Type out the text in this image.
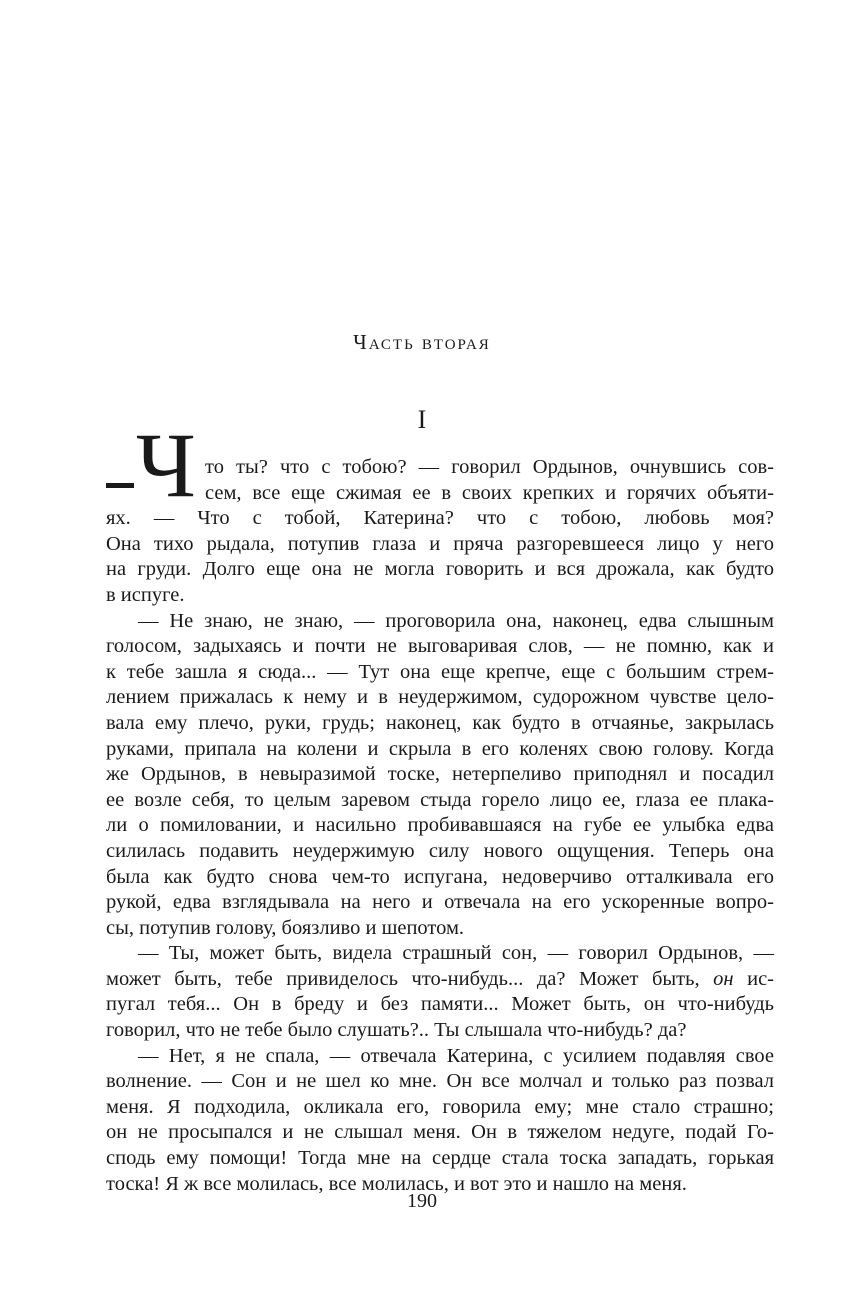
Часть вторая
I
Ч то ты? что с тобою? — говорил Ордынов, очнувшись сов-
сем, все еще сжимая ее в своих крепких и горячих объяти-
ях. — Что с тобой, Катерина? что с тобою, любовь моя?
Она тихо рыдала, потупив глаза и пряча разгоревшееся лицо у него
на груди. Долго еще она не могла говорить и вся дрожала, как будто
в испуге.
— Не знаю, не знаю, — проговорила она, наконец, едва слышным
голосом, задыхаясь и почти не выговаривая слов, — не помню, как и
к тебе зашла я сюда... — Тут она еще крепче, еще с большим стрем-
лением прижалась к нему и в неудержимом, судорожном чувстве цело-
вала ему плечо, руки, грудь; наконец, как будто в отчаянье, закрылась
руками, припала на колени и скрыла в его коленях свою голову. Когда
же Ордынов, в невыразимой тоске, нетерпеливо приподнял и посадил
ее возле себя, то целым заревом стыда горело лицо ее, глаза ее плака-
ли о помиловании, и насильно пробивавшаяся на губе ее улыбка едва
силилась подавить неудержимую силу нового ощущения. Теперь она
была как будто снова чем-то испугана, недоверчиво отталкивала его
рукой, едва взглядывала на него и отвечала на его ускоренные вопро-
сы, потупив голову, боязливо и шепотом.
— Ты, может быть, видела страшный сон, — говорил Ордынов, —
может быть, тебе привиделось что-нибудь... да? Может быть, он ис-
пугал тебя... Он в бреду и без памяти... Может быть, он что-нибудь
говорил, что не тебе было слушать?.. Ты слышала что-нибудь? да?
— Нет, я не спала, — отвечала Катерина, с усилием подавляя свое
волнение. — Сон и не шел ко мне. Он все молчал и только раз позвал
меня. Я подходила, окликала его, говорила ему; мне стало страшно;
он не просыпался и не слышал меня. Он в тяжелом недуге, подай Го-
сподь ему помощи! Тогда мне на сердце стала тоска западать, горькая
тоска! Я ж все молилась, все молилась, и вот это и нашло на меня.
190
